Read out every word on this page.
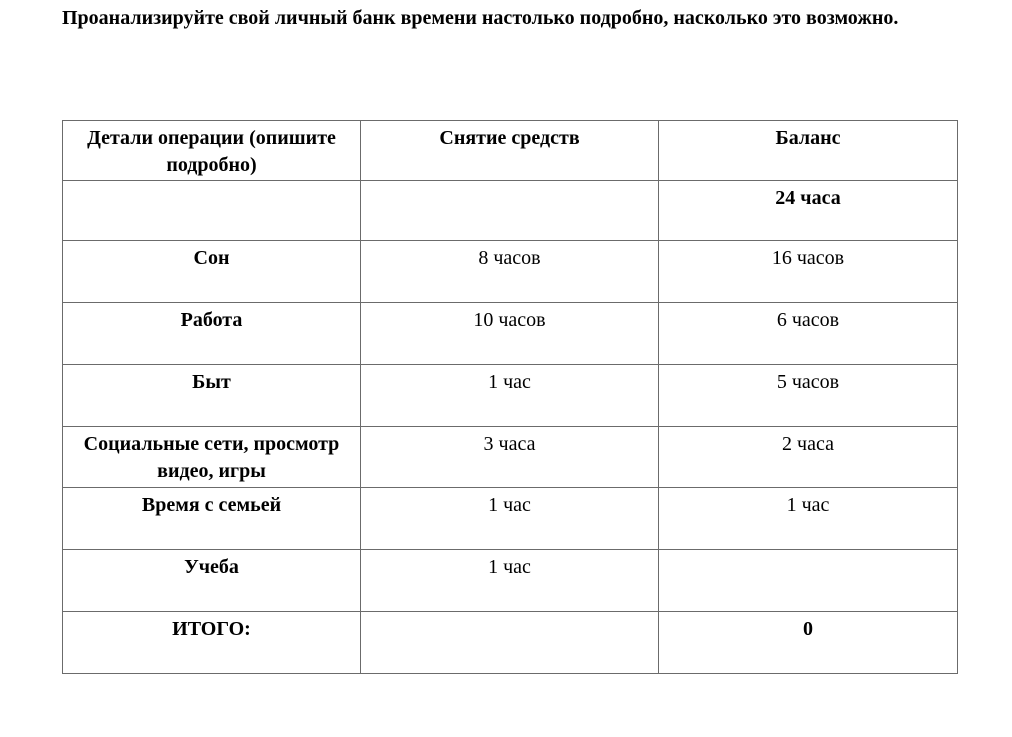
Проанализируйте свой личный банк времени настолько подробно, насколько это возможно.

Детали операции (опишите подробно)	Снятие средств	Баланс
		24 часа
Сон	8 часов	16 часов
Работа	10 часов	6 часов
Быт	1 час	5 часов
Социальные сети, просмотр видео, игры	3 часа	2 часа
Время с семьей	1 час	1 час
Учеба	1 час	
ИТОГО:		0
